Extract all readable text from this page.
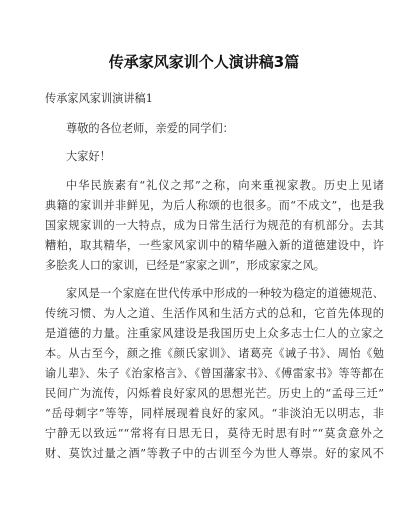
传承家风家训个人演讲稿3篇

传承家风家训演讲稿1

尊敬的各位老师，亲爱的同学们：

大家好！

中华民族素有“礼仪之邦”之称，向来重视家教。历史上见诸

典籍的家训并非鲜见，为后人称颂的也很多。而“不成文”，也是我

国家规家训的一大特点，成为日常生活行为规范的有机部分。去其

糟粕，取其精华，一些家风家训中的精华融入新的道德建设中，许

多脍炙人口的家训，已经是“家家之训”，形成家家之风。

家风是一个家庭在世代传承中形成的一种较为稳定的道德规范、

传统习惯、为人之道、生活作风和生活方式的总和，它首先体现的

是道德的力量。注重家风建设是我国历史上众多志士仁人的立家之

本。从古至今，颜之推《颜氏家训》、诸葛亮《诫子书》、周怡《勉

谕儿辈》、朱子《治家格言》、《曾国藩家书》、《傅雷家书》等等都在

民间广为流传，闪烁着良好家风的思想光芒。历史上的“孟母三迁”

“岳母刺字”等等，同样展现着良好的家风。“非淡泊无以明志，非

宁静无以致远”“常将有日思无日，莫待无时思有时”“莫贪意外之

财、莫饮过量之酒”等教子中的古训至今为世人尊崇。好的家风不
